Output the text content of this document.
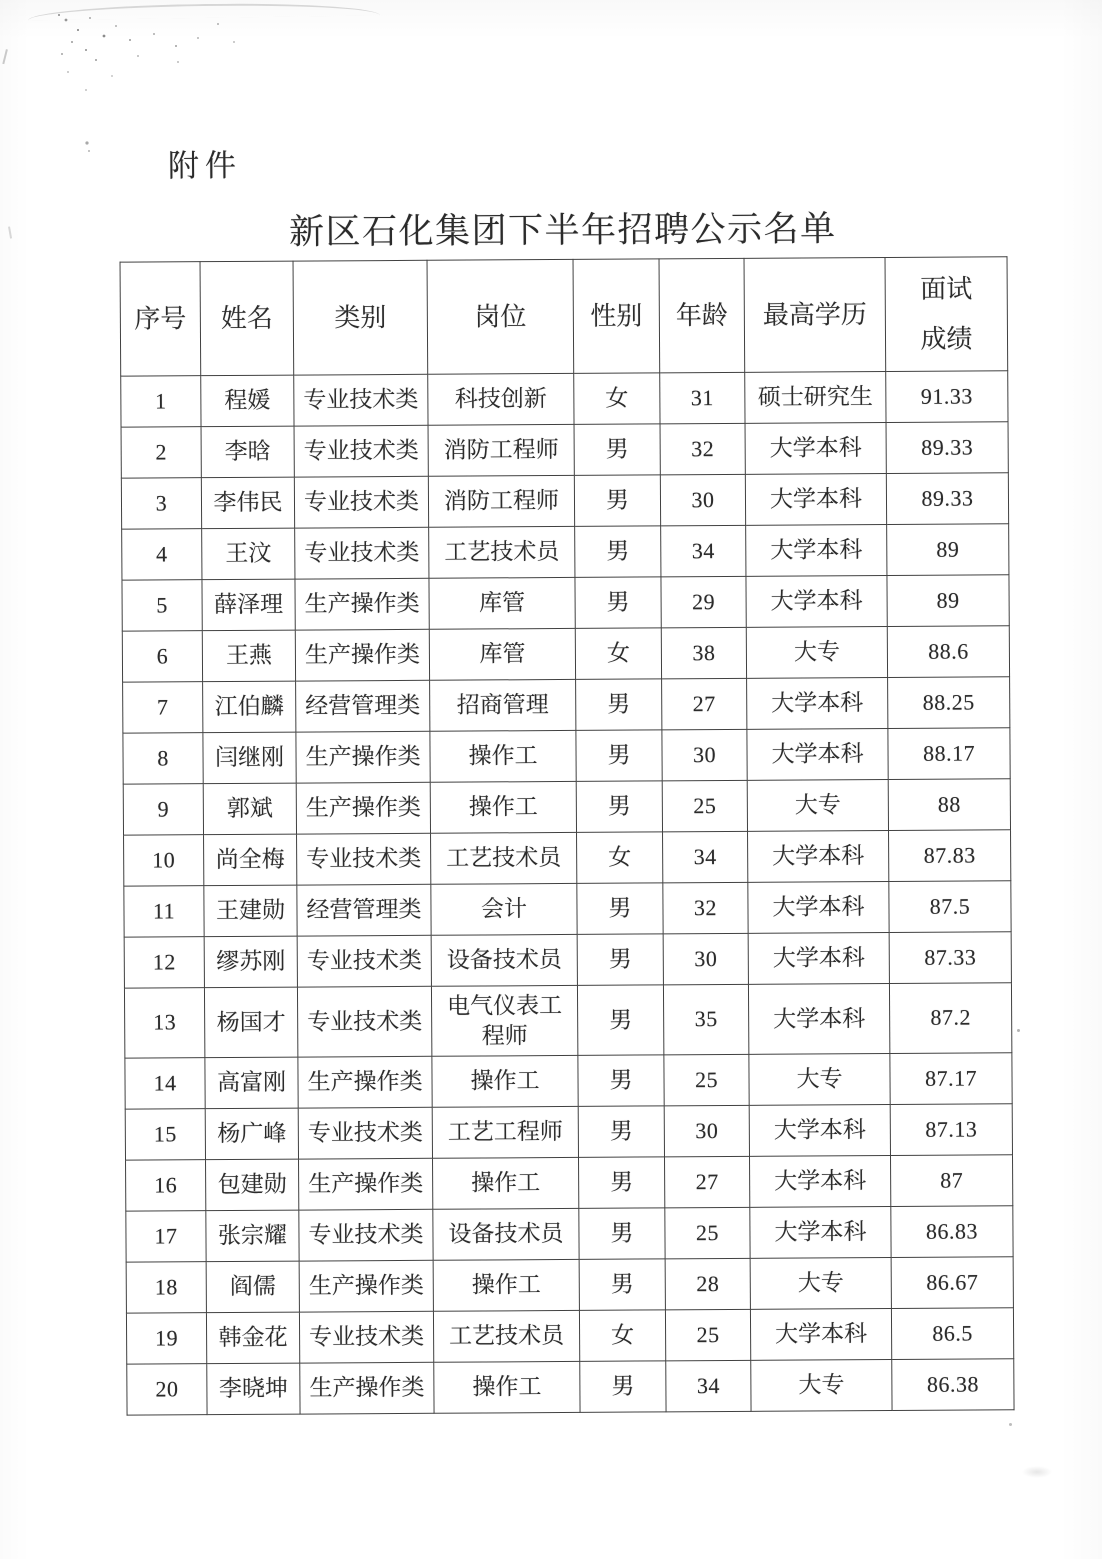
附件
新区石化集团下半年招聘公示名单
序号	姓名	类别	岗位	性别	年龄	最高学历	面试
成绩
1	程媛	专业技术类	科技创新	女	31	硕士研究生	91.33
2	李晗	专业技术类	消防工程师	男	32	大学本科	89.33
3	李伟民	专业技术类	消防工程师	男	30	大学本科	89.33
4	王汶	专业技术类	工艺技术员	男	34	大学本科	89
5	薛泽理	生产操作类	库管	男	29	大学本科	89
6	王燕	生产操作类	库管	女	38	大专	88.6
7	江伯麟	经营管理类	招商管理	男	27	大学本科	88.25
8	闫继刚	生产操作类	操作工	男	30	大学本科	88.17
9	郭斌	生产操作类	操作工	男	25	大专	88
10	尚全梅	专业技术类	工艺技术员	女	34	大学本科	87.83
11	王建勋	经营管理类	会计	男	32	大学本科	87.5
12	缪苏刚	专业技术类	设备技术员	男	30	大学本科	87.33
13	杨国才	专业技术类	电气仪表工程师	男	35	大学本科	87.2
14	高富刚	生产操作类	操作工	男	25	大专	87.17
15	杨广峰	专业技术类	工艺工程师	男	30	大学本科	87.13
16	包建勋	生产操作类	操作工	男	27	大学本科	87
17	张宗耀	专业技术类	设备技术员	男	25	大学本科	86.83
18	阎儒	生产操作类	操作工	男	28	大专	86.67
19	韩金花	专业技术类	工艺技术员	女	25	大学本科	86.5
20	李晓坤	生产操作类	操作工	男	34	大专	86.38
